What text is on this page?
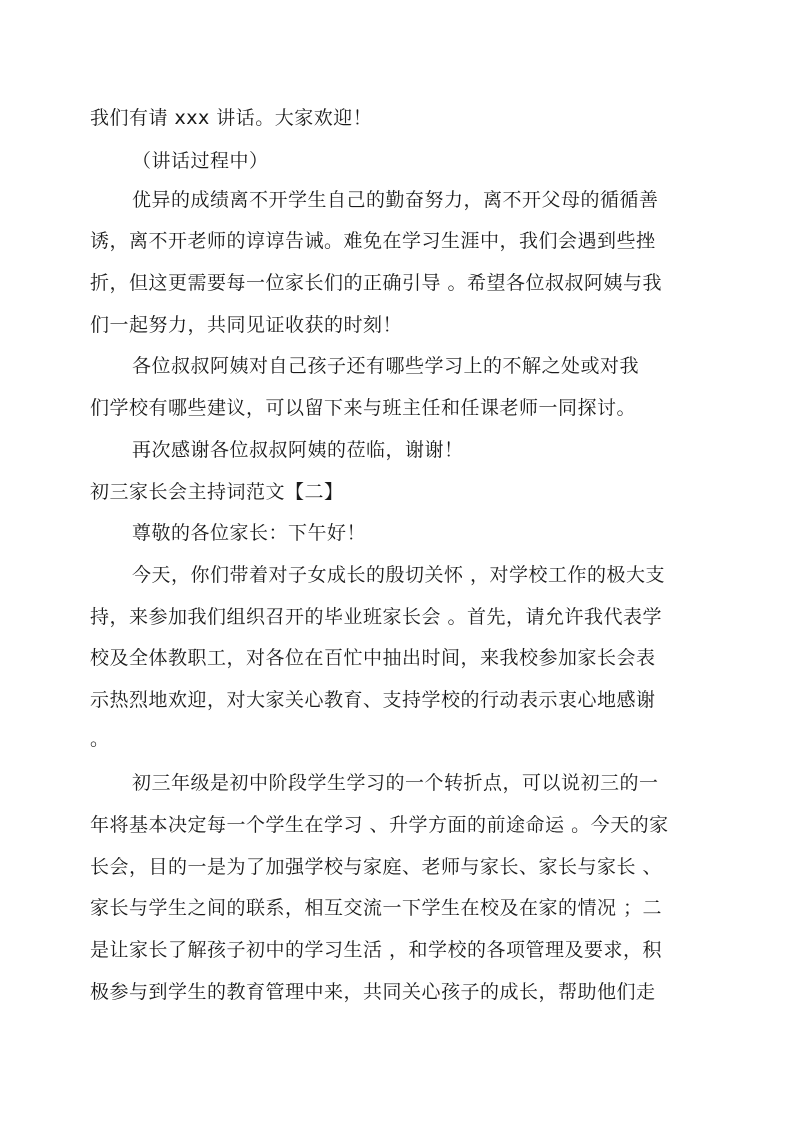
我们有请 xxx 讲话。大家欢迎！
（讲话过程中）
优异的成绩离不开学生自己的勤奋努力，离不开父母的循循善
诱，离不开老师的谆谆告诫。难免在学习生涯中，我们会遇到些挫
折，但这更需要每一位家长们的正确引导 。希望各位叔叔阿姨与我
们一起努力，共同见证收获的时刻！
各位叔叔阿姨对自己孩子还有哪些学习上的不解之处或对我
们学校有哪些建议，可以留下来与班主任和任课老师一同探讨。
再次感谢各位叔叔阿姨的莅临，谢谢！
初三家长会主持词范文【二】
尊敬的各位家长：下午好！
今天，你们带着对子女成长的殷切关怀 ，对学校工作的极大支
持，来参加我们组织召开的毕业班家长会 。首先，请允许我代表学
校及全体教职工，对各位在百忙中抽出时间，来我校参加家长会表
示热烈地欢迎，对大家关心教育、支持学校的行动表示衷心地感谢
。
初三年级是初中阶段学生学习的一个转折点，可以说初三的一
年将基本决定每一个学生在学习 、升学方面的前途命运 。今天的家
长会，目的一是为了加强学校与家庭、老师与家长、家长与家长 、
家长与学生之间的联系，相互交流一下学生在校及在家的情况 ；二
是让家长了解孩子初中的学习生活 ，和学校的各项管理及要求，积
极参与到学生的教育管理中来，共同关心孩子的成长，帮助他们走
